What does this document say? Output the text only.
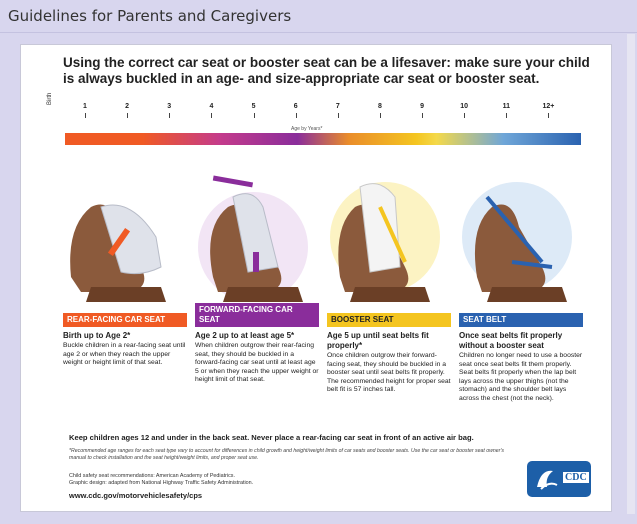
Guidelines for Parents and Caregivers
Using the correct car seat or booster seat can be a lifesaver: make sure your child is always buckled in an age- and size-appropriate car seat or booster seat.
Birth
1	2	3	4	5	6	7	8	9	10	11	12+
Age by Years*
REAR-FACING CAR SEAT
Birth up to Age 2*
Buckle children in a rear-facing seat until age 2 or when they reach the upper weight or height limit of that seat.
FORWARD-FACING CAR SEAT
Age 2 up to at least age 5*
When children outgrow their rear-facing seat, they should be buckled in a forward-facing car seat until at least age 5 or when they reach the upper weight or height limit of that seat.
BOOSTER SEAT
Age 5 up until seat belts fit properly*
Once children outgrow their forward-facing seat, they should be buckled in a booster seat until seat belts fit properly. The recommended height for proper seat belt fit is 57 inches tall.
SEAT BELT
Once seat belts fit properly without a booster seat
Children no longer need to use a booster seat once seat belts fit them properly. Seat belts fit properly when the lap belt lays across the upper thighs (not the stomach) and the shoulder belt lays across the chest (not the neck).
Keep children ages 12 and under in the back seat. Never place a rear-facing car seat in front of an active air bag.
*Recommended age ranges for each seat type vary to account for differences in child growth and height/weight limits of car seats and booster seats. Use the car seat or booster seat owner's manual to check installation and the seat height/weight limits, and proper seat use.
Child safety seat recommendations: American Academy of Pediatrics.
Graphic design: adapted from National Highway Traffic Safety Administration.
www.cdc.gov/motorvehiclesafety/cps
CDC
